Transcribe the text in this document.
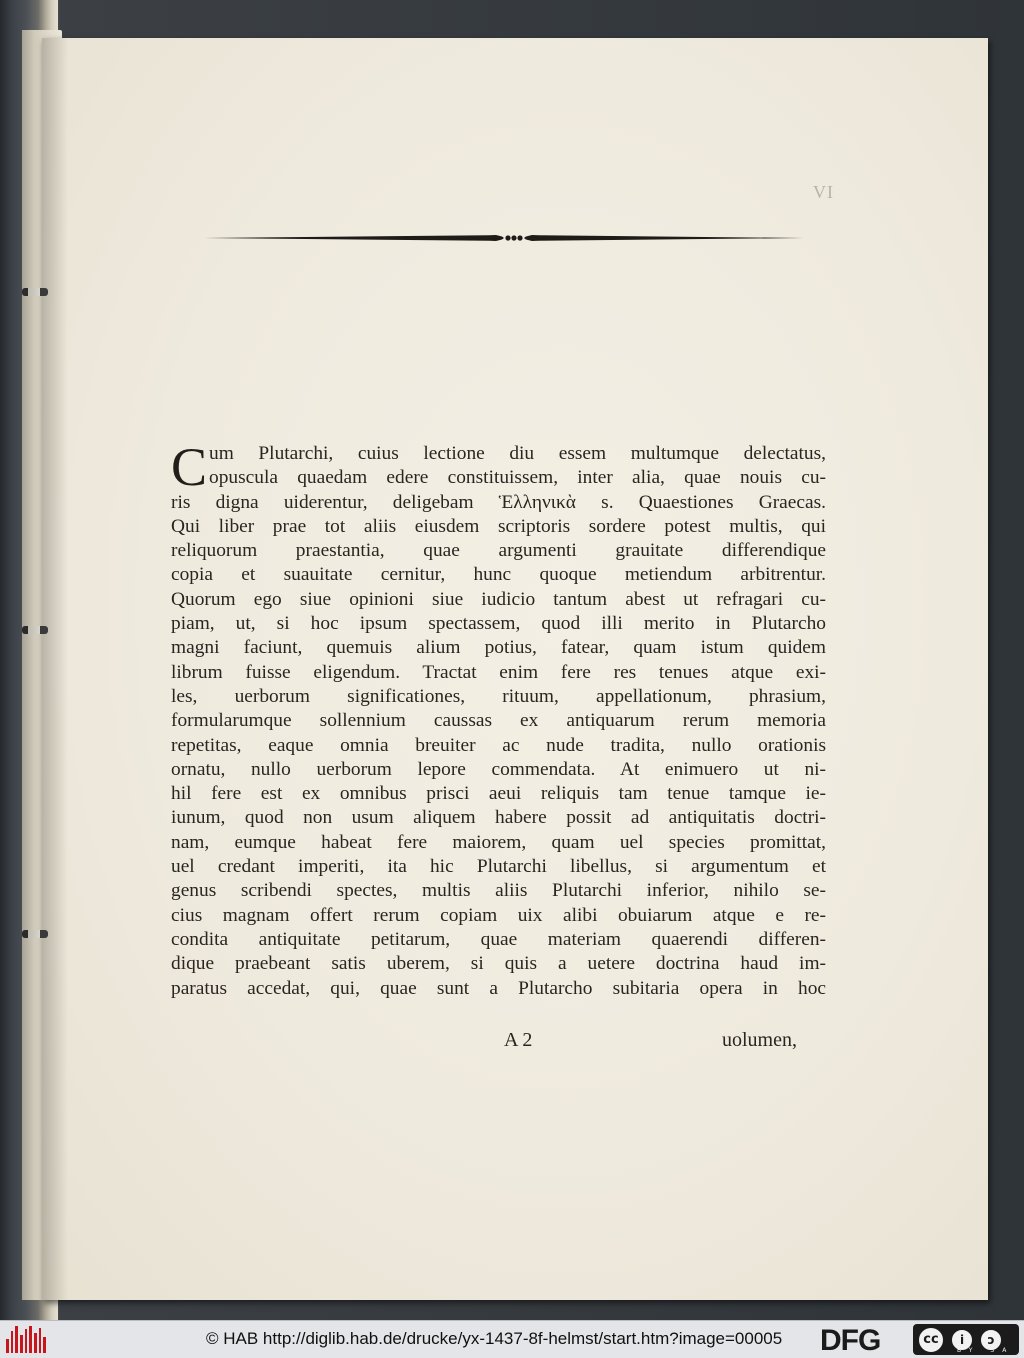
VI
C um Plutarchi, cuius lectione diu essem multumque delectatus,
opuscula quaedam edere constituissem, inter alia, quae nouis cu-
ris digna uiderentur, deligebam Ἑλληνικὰ s. Quaestiones Graecas.
Qui liber prae tot aliis eiusdem scriptoris sordere potest multis, qui
reliquorum praestantia, quae argumenti grauitate differendique
copia et suauitate cernitur, hunc quoque metiendum arbitrentur.
Quorum ego siue opinioni siue iudicio tantum abest ut refragari cu-
piam, ut, si hoc ipsum spectassem, quod illi merito in Plutarcho
magni faciunt, quemuis alium potius, fatear, quam istum quidem
librum fuisse eligendum. Tractat enim fere res tenues atque exi-
les, uerborum significationes, rituum, appellationum, phrasium,
formularumque sollennium caussas ex antiquarum rerum memoria
repetitas, eaque omnia breuiter ac nude tradita, nullo orationis
ornatu, nullo uerborum lepore commendata. At enimuero ut ni-
hil fere est ex omnibus prisci aeui reliquis tam tenue tamque ie-
iunum, quod non usum aliquem habere possit ad antiquitatis doctri-
nam, eumque habeat fere maiorem, quam uel species promittat,
uel credant imperiti, ita hic Plutarchi libellus, si argumentum et
genus scribendi spectes, multis aliis Plutarchi inferior, nihilo se-
cius magnam offert rerum copiam uix alibi obuiarum atque e re-
condita antiquitate petitarum, quae materiam quaerendi differen-
dique praebeant satis uberem, si quis a uetere doctrina haud im-
paratus accedat, qui, quae sunt a Plutarcho subitaria opera in hoc
A 2	uolumen,
© HAB http://diglib.hab.de/drucke/yx-1437-8f-helmst/start.htm?image=00005 DFG	cc	i	ↄ
BY SA
